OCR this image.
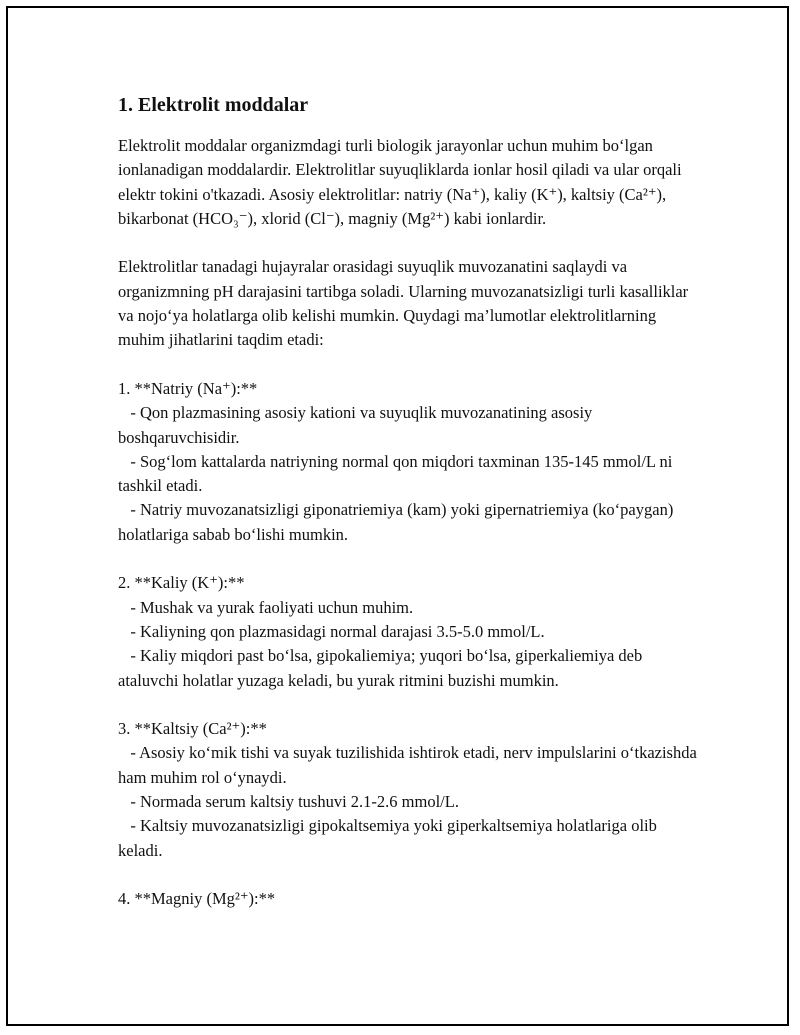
1. Elektrolit moddalar

Elektrolit moddalar organizmdagi turli biologik jarayonlar uchun muhim bo‘lgan ionlanadigan moddalardir. Elektrolitlar suyuqliklarda ionlar hosil qiladi va ular orqali elektr tokini o'tkazadi. Asosiy elektrolitlar: natriy (Na⁺), kaliy (K⁺), kaltsiy (Ca²⁺), bikarbonat (HCO₃⁻), xlorid (Cl⁻), magniy (Mg²⁺) kabi ionlardir.

Elektrolitlar tanadagi hujayralar orasidagi suyuqlik muvozanatini saqlaydi va organizmning pH darajasini tartibga soladi. Ularning muvozanatsizligi turli kasalliklar va nojo‘ya holatlarga olib kelishi mumkin. Quydagi ma’lumotlar elektrolitlarning muhim jihatlarini taqdim etadi:

1. **Natriy (Na⁺):**

- Qon plazmasining asosiy kationi va suyuqlik muvozanatining asosiy boshqaruvchisidir.

- Sog‘lom kattalarda natriyning normal qon miqdori taxminan 135-145 mmol/L ni tashkil etadi.

- Natriy muvozanatsizligi giponatriemiya (kam) yoki gipernatriemiya (ko‘paygan) holatlariga sabab bo‘lishi mumkin.

2. **Kaliy (K⁺):**

- Mushak va yurak faoliyati uchun muhim.

- Kaliyning qon plazmasidagi normal darajasi 3.5-5.0 mmol/L.

- Kaliy miqdori past bo‘lsa, gipokaliemiya; yuqori bo‘lsa, giperkaliemiya deb ataluvchi holatlar yuzaga keladi, bu yurak ritmini buzishi mumkin.

3. **Kaltsiy (Ca²⁺):**

- Asosiy ko‘mik tishi va suyak tuzilishida ishtirok etadi, nerv impulslarini o‘tkazishda ham muhim rol o‘ynaydi.

- Normada serum kaltsiy tushuvi 2.1-2.6 mmol/L.

- Kaltsiy muvozanatsizligi gipokaltsemiya yoki giperkaltsemiya holatlariga olib keladi.

4. **Magniy (Mg²⁺):**
